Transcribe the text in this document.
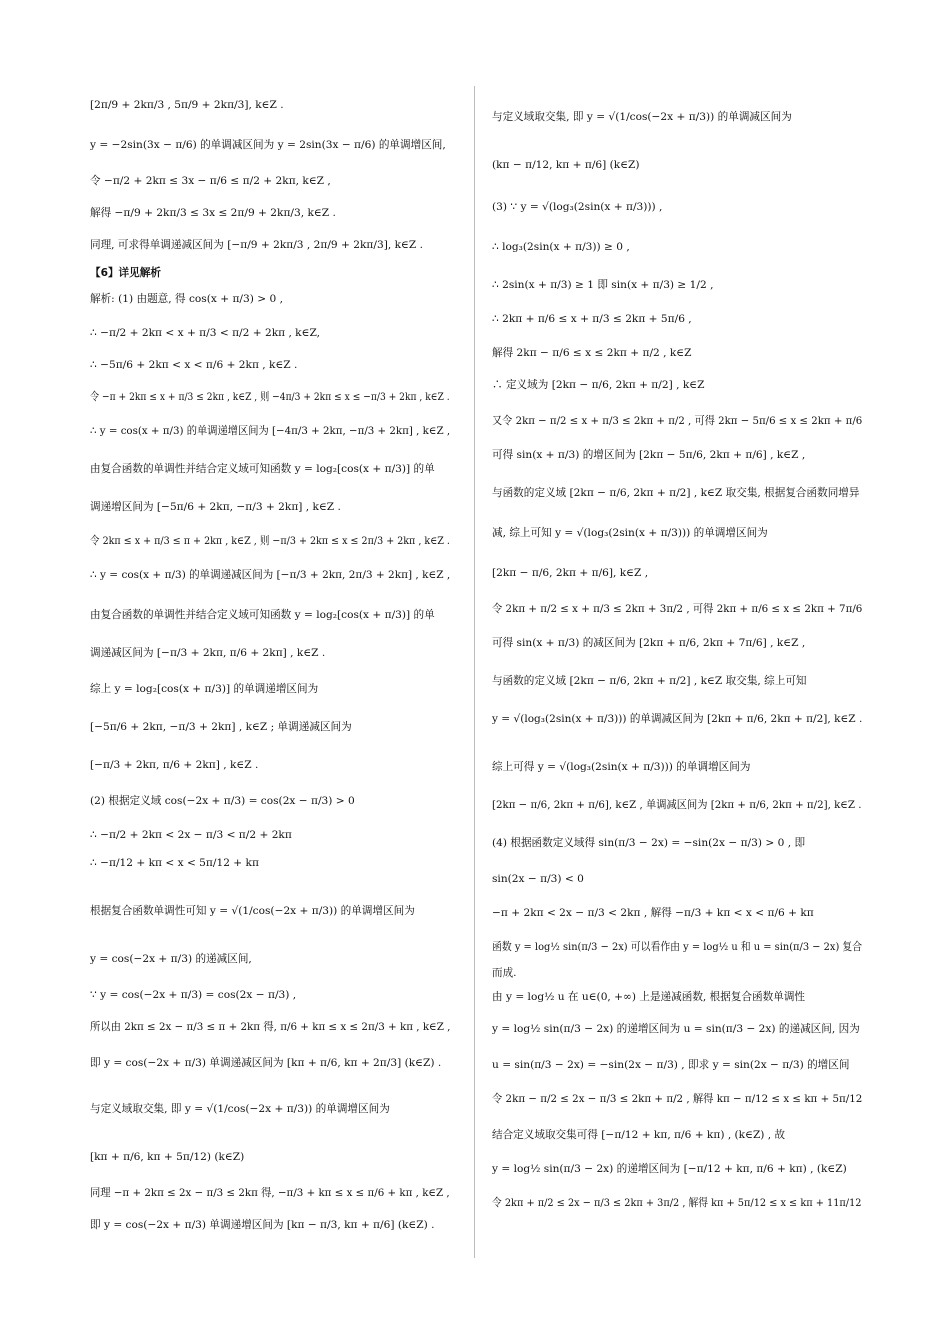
[2π/9 + 2kπ/3 , 5π/9 + 2kπ/3], k∈Z .
y = −2sin(3x − π/6) 的单调减区间为 y = 2sin(3x − π/6) 的单调增区间,
令 −π/2 + 2kπ ≤ 3x − π/6 ≤ π/2 + 2kπ, k∈Z ,
解得 −π/9 + 2kπ/3 ≤ 3x ≤ 2π/9 + 2kπ/3, k∈Z .
同理, 可求得单调递减区间为 [−π/9 + 2kπ/3 , 2π/9 + 2kπ/3], k∈Z .
【6】详见解析
解析: (1) 由题意, 得 cos(x + π/3) > 0 ,
∴ −π/2 + 2kπ < x + π/3 < π/2 + 2kπ , k∈Z,
∴ −5π/6 + 2kπ < x < π/6 + 2kπ , k∈Z .
令 −π + 2kπ ≤ x + π/3 ≤ 2kπ , k∈Z , 则 −4π/3 + 2kπ ≤ x ≤ −π/3 + 2kπ , k∈Z .
∴ y = cos(x + π/3) 的单调递增区间为 [−4π/3 + 2kπ, −π/3 + 2kπ] , k∈Z ,
由复合函数的单调性并结合定义域可知函数 y = log₂[cos(x + π/3)] 的单
调递增区间为 [−5π/6 + 2kπ, −π/3 + 2kπ] , k∈Z .
令 2kπ ≤ x + π/3 ≤ π + 2kπ , k∈Z , 则 −π/3 + 2kπ ≤ x ≤ 2π/3 + 2kπ , k∈Z .
∴ y = cos(x + π/3) 的单调递减区间为 [−π/3 + 2kπ, 2π/3 + 2kπ] , k∈Z ,
由复合函数的单调性并结合定义域可知函数 y = log₂[cos(x + π/3)] 的单
调递减区间为 [−π/3 + 2kπ, π/6 + 2kπ] , k∈Z .
综上 y = log₂[cos(x + π/3)] 的单调递增区间为
[−5π/6 + 2kπ, −π/3 + 2kπ] , k∈Z ; 单调递减区间为
[−π/3 + 2kπ, π/6 + 2kπ] , k∈Z .
(2) 根据定义域 cos(−2x + π/3) = cos(2x − π/3) > 0
∴ −π/2 + 2kπ < 2x − π/3 < π/2 + 2kπ
∴ −π/12 + kπ < x < 5π/12 + kπ
根据复合函数单调性可知 y = √(1/cos(−2x + π/3)) 的单调增区间为
y = cos(−2x + π/3) 的递减区间,
∵ y = cos(−2x + π/3) = cos(2x − π/3) ,
所以由 2kπ ≤ 2x − π/3 ≤ π + 2kπ 得, π/6 + kπ ≤ x ≤ 2π/3 + kπ , k∈Z ,
即 y = cos(−2x + π/3) 单调递减区间为 [kπ + π/6, kπ + 2π/3] (k∈Z) .
与定义域取交集, 即 y = √(1/cos(−2x + π/3)) 的单调增区间为
[kπ + π/6, kπ + 5π/12) (k∈Z)
同理 −π + 2kπ ≤ 2x − π/3 ≤ 2kπ 得, −π/3 + kπ ≤ x ≤ π/6 + kπ , k∈Z ,
即 y = cos(−2x + π/3) 单调递增区间为 [kπ − π/3, kπ + π/6] (k∈Z) .
与定义域取交集, 即 y = √(1/cos(−2x + π/3)) 的单调减区间为
(kπ − π/12, kπ + π/6] (k∈Z)
(3) ∵ y = √(log₃(2sin(x + π/3))) ,
∴ log₃(2sin(x + π/3)) ≥ 0 ,
∴ 2sin(x + π/3) ≥ 1 即 sin(x + π/3) ≥ 1/2 ,
∴ 2kπ + π/6 ≤ x + π/3 ≤ 2kπ + 5π/6 ,
解得 2kπ − π/6 ≤ x ≤ 2kπ + π/2 , k∈Z
∴ 定义域为 [2kπ − π/6, 2kπ + π/2] , k∈Z
又令 2kπ − π/2 ≤ x + π/3 ≤ 2kπ + π/2 , 可得 2kπ − 5π/6 ≤ x ≤ 2kπ + π/6
可得 sin(x + π/3) 的增区间为 [2kπ − 5π/6, 2kπ + π/6] , k∈Z ,
与函数的定义域 [2kπ − π/6, 2kπ + π/2] , k∈Z 取交集, 根据复合函数同增异
减, 综上可知 y = √(log₃(2sin(x + π/3))) 的单调增区间为
[2kπ − π/6, 2kπ + π/6], k∈Z ,
令 2kπ + π/2 ≤ x + π/3 ≤ 2kπ + 3π/2 , 可得 2kπ + π/6 ≤ x ≤ 2kπ + 7π/6
可得 sin(x + π/3) 的减区间为 [2kπ + π/6, 2kπ + 7π/6] , k∈Z ,
与函数的定义域 [2kπ − π/6, 2kπ + π/2] , k∈Z 取交集, 综上可知
y = √(log₃(2sin(x + π/3))) 的单调减区间为 [2kπ + π/6, 2kπ + π/2], k∈Z .
综上可得 y = √(log₃(2sin(x + π/3))) 的单调增区间为
[2kπ − π/6, 2kπ + π/6], k∈Z , 单调减区间为 [2kπ + π/6, 2kπ + π/2], k∈Z .
(4) 根据函数定义域得 sin(π/3 − 2x) = −sin(2x − π/3) > 0 , 即
sin(2x − π/3) < 0
−π + 2kπ < 2x − π/3 < 2kπ , 解得 −π/3 + kπ < x < π/6 + kπ
函数 y = log½ sin(π/3 − 2x) 可以看作由 y = log½ u 和 u = sin(π/3 − 2x) 复合
而成.
由 y = log½ u 在 u∈(0, +∞) 上是递减函数, 根据复合函数单调性
y = log½ sin(π/3 − 2x) 的递增区间为 u = sin(π/3 − 2x) 的递减区间, 因为
u = sin(π/3 − 2x) = −sin(2x − π/3) , 即求 y = sin(2x − π/3) 的增区间
令 2kπ − π/2 ≤ 2x − π/3 ≤ 2kπ + π/2 , 解得 kπ − π/12 ≤ x ≤ kπ + 5π/12
结合定义域取交集可得 [−π/12 + kπ, π/6 + kπ) , (k∈Z) , 故
y = log½ sin(π/3 − 2x) 的递增区间为 [−π/12 + kπ, π/6 + kπ) , (k∈Z)
令 2kπ + π/2 ≤ 2x − π/3 ≤ 2kπ + 3π/2 , 解得 kπ + 5π/12 ≤ x ≤ kπ + 11π/12
